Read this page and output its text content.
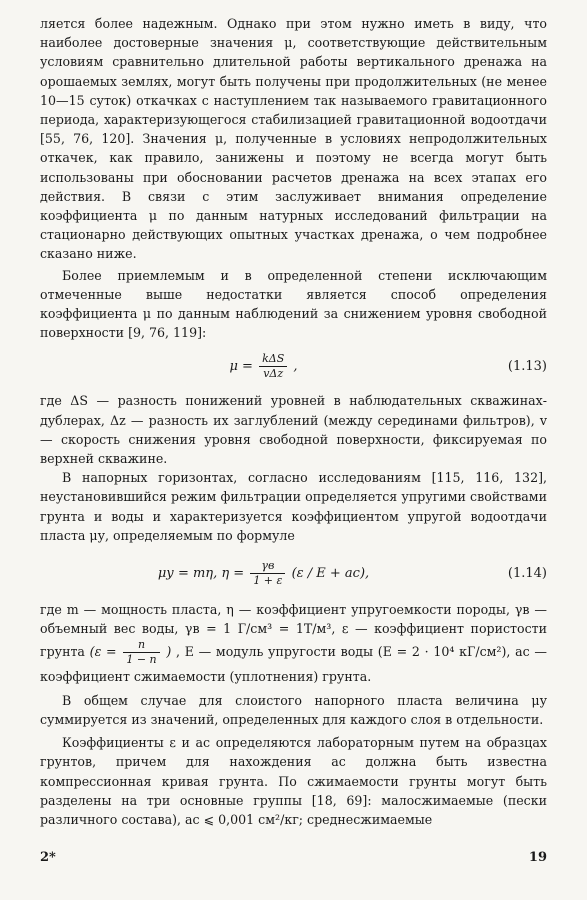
ляется более надежным. Однако при этом нужно иметь в виду, что наиболее достоверные значения μ, соответствующие действительным условиям сравнительно длительной работы вертикального дренажа на орошаемых землях, могут быть получены при продолжительных (не менее 10—15 суток) откачках с наступлением так называемого гравитационного периода, характеризующегося стабилизацией гравитационной водоотдачи [55, 76, 120]. Значения μ, полученные в условиях непродолжительных откачек, как правило, занижены и поэтому не всегда могут быть использованы при обосновании расчетов дренажа на всех этапах его действия. В связи с этим заслуживает внимания определение коэффициента μ по данным натурных исследований фильтрации на стационарно действующих опытных участках дренажа, о чем подробнее сказано ниже.

Более приемлемым и в определенной степени исключающим отмеченные выше недостатки является способ определения коэффициента μ по данным наблюдений за снижением уровня свободной поверхности [9, 76, 119]:

$\mu = \frac{\text{kΔS}}{\text{vΔz}}$ ,	(1.13)

где ΔS — разность понижений уровней в наблюдательных скважинах-дублерах, Δz — разность их заглублений (между серединами фильтров), v — скорость снижения уровня свободной поверхности, фиксируемая по верхней скважине.

В напорных горизонтах, согласно исследованиям [115, 116, 132], неустановившийся режим фильтрации определяется упругими свойствами грунта и воды и характеризуется коэффициентом упругой водоотдачи пласта μу, определяемым по формуле

μу = mη, $\eta = \frac{\gamma в}{1 + \varepsilon} (\varepsilon / E + aс)$,	(1.14)

где m — мощность пласта, η — коэффициент упругоемкости породы, γв — объемный вес воды, γв = 1 Г/см³ = 1Т/м³, ε — коэффициент пористости грунта ($\varepsilon = \frac{n}{1 - n}$ ) , E — модуль упругости воды (E = 2 · 10⁴ кГ/см²), aс — коэффициент сжимаемости (уплотнения) грунта.

В общем случае для слоистого напорного пласта величина μу суммируется из значений, определенных для каждого слоя в отдельности.

Коэффициенты ε и aс определяются лабораторным путем на образцах грунтов, причем для нахождения aс должна быть известна компрессионная кривая грунта. По сжимаемости грунты могут быть разделены на три основные группы [18, 69]: малосжимаемые (пески различного состава), aс ⩽ 0,001 см²/кг; среднесжимаемые

2*	19
